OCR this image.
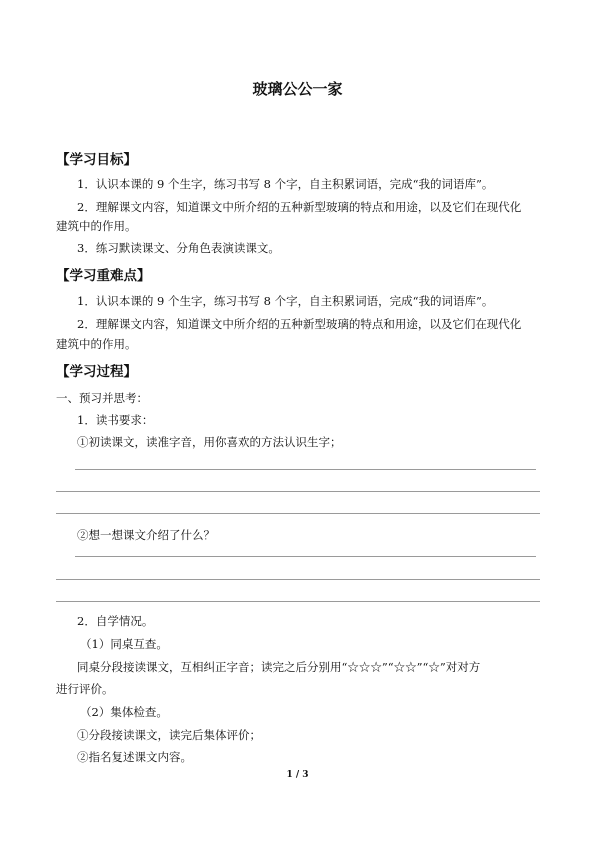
玻璃公公一家
【学习目标】
1．认识本课的 9 个生字，练习书写 8 个字，自主积累词语，完成“我的词语库”。
2．理解课文内容，知道课文中所介绍的五种新型玻璃的特点和用途，以及它们在现代化
建筑中的作用。
3．练习默读课文、分角色表演读课文。
【学习重难点】
1．认识本课的 9 个生字，练习书写 8 个字，自主积累词语，完成“我的词语库”。
2．理解课文内容，知道课文中所介绍的五种新型玻璃的特点和用途，以及它们在现代化
建筑中的作用。
【学习过程】
一、预习并思考：
1．读书要求：
①初读课文，读准字音，用你喜欢的方法认识生字；
②想一想课文介绍了什么？
2．自学情况。
（1）同桌互查。
同桌分段接读课文，互相纠正字音；读完之后分别用“☆☆☆”“☆☆”“☆”对对方
进行评价。
（2）集体检查。
①分段接读课文，读完后集体评价；
②指名复述课文内容。
1 / 3
